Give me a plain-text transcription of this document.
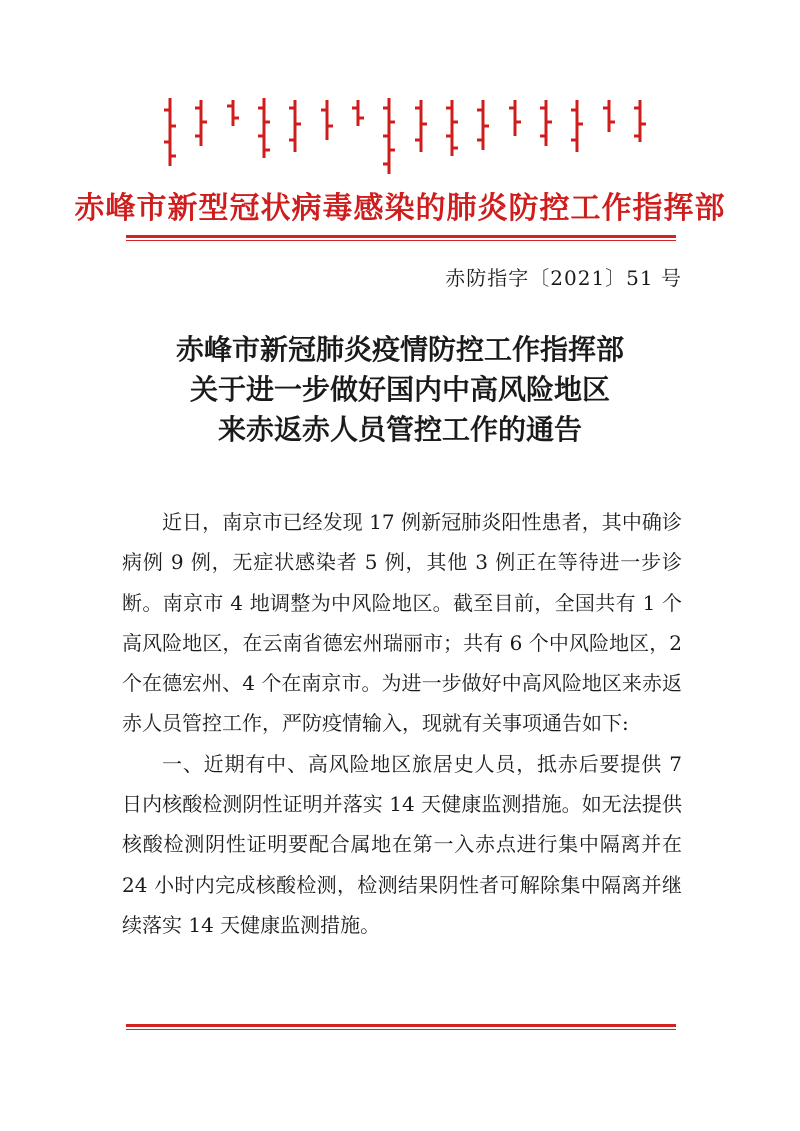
赤峰市新型冠状病毒感染的肺炎防控工作指挥部
赤防指字〔2021〕51 号
赤峰市新冠肺炎疫情防控工作指挥部
关于进一步做好国内中高风险地区
来赤返赤人员管控工作的通告

近日，南京市已经发现 17 例新冠肺炎阳性患者，其中确诊病例 9 例，无症状感染者 5 例，其他 3 例正在等待进一步诊断。南京市 4 地调整为中风险地区。截至目前，全国共有 1 个高风险地区，在云南省德宏州瑞丽市；共有 6 个中风险地区，2 个在德宏州、4 个在南京市。为进一步做好中高风险地区来赤返赤人员管控工作，严防疫情输入，现就有关事项通告如下:

一、近期有中、高风险地区旅居史人员，抵赤后要提供 7 日内核酸检测阴性证明并落实 14 天健康监测措施。如无法提供核酸检测阴性证明要配合属地在第一入赤点进行集中隔离并在 24 小时内完成核酸检测，检测结果阴性者可解除集中隔离并继续落实 14 天健康监测措施。
